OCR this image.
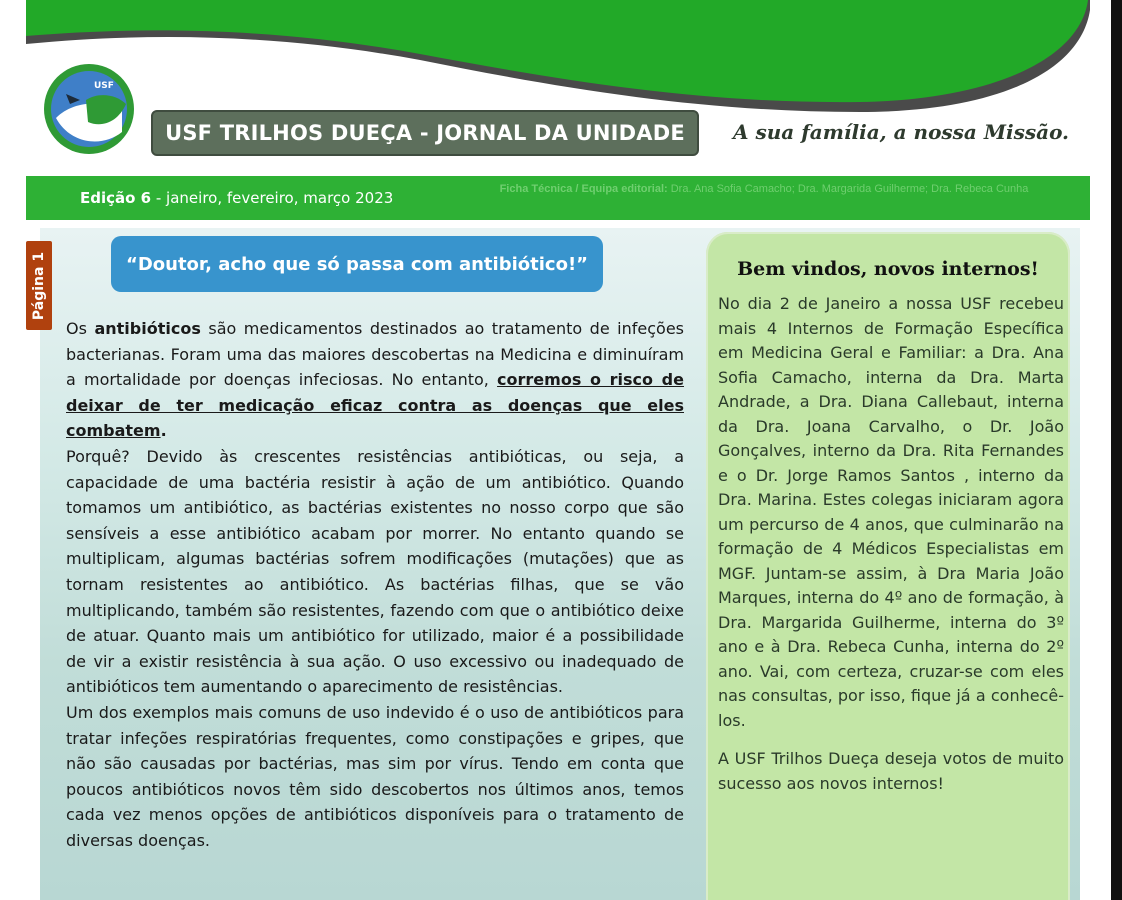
USF
USF TRILHOS DUEÇA - JORNAL DA UNIDADE A sua família, a nossa Missão.
Edição 6 - janeiro, fevereiro, março 2023	Ficha Técnica / Equipa editorial: Dra. Ana Sofia Camacho; Dra. Margarida Guilherme; Dra. Rebeca Cunha
Página 1	“Doutor, acho que só passa com antibiótico!”

Os antibióticos são medicamentos destinados ao tratamento de infeções bacterianas. Foram uma das maiores descobertas na Medicina e diminuíram a mortalidade por doenças infeciosas. No entanto, corremos o risco de deixar de ter medicação eficaz contra as doenças que eles combatem.

Porquê? Devido às crescentes resistências antibióticas, ou seja, a capacidade de uma bactéria resistir à ação de um antibiótico. Quando tomamos um antibiótico, as bactérias existentes no nosso corpo que são sensíveis a esse antibiótico acabam por morrer. No entanto quando se multiplicam, algumas bactérias sofrem modificações (mutações) que as tornam resistentes ao antibiótico. As bactérias filhas, que se vão multiplicando, também são resistentes, fazendo com que o antibiótico deixe de atuar. Quanto mais um antibiótico for utilizado, maior é a possibilidade de vir a existir resistência à sua ação. O uso excessivo ou inadequado de antibióticos tem aumentando o aparecimento de resistências.

Um dos exemplos mais comuns de uso indevido é o uso de antibióticos para tratar infeções respiratórias frequentes, como constipações e gripes, que não são causadas por bactérias, mas sim por vírus. Tendo em conta que poucos antibióticos novos têm sido descobertos nos últimos anos, temos cada vez menos opções de antibióticos disponíveis para o tratamento de diversas doenças.

Bem vindos, novos internos!

No dia 2 de Janeiro a nossa USF recebeu mais 4 Internos de Formação Específica em Medicina Geral e Familiar: a Dra. Ana Sofia Camacho, interna da Dra. Marta Andrade, a Dra. Diana Callebaut, interna da Dra. Joana Carvalho, o Dr. João Gonçalves, interno da Dra. Rita Fernandes e o Dr. Jorge Ramos Santos , interno da Dra. Marina. Estes colegas iniciaram agora um percurso de 4 anos, que culminarão na formação de 4 Médicos Especialistas em MGF. Juntam-se assim, à Dra Maria João Marques, interna do 4º ano de formação, à Dra. Margarida Guilherme, interna do 3º ano e à Dra. Rebeca Cunha, interna do 2º ano. Vai, com certeza, cruzar-se com eles nas consultas, por isso, fique já a conhecê-los.

A USF Trilhos Dueça deseja votos de muito sucesso aos novos internos!
